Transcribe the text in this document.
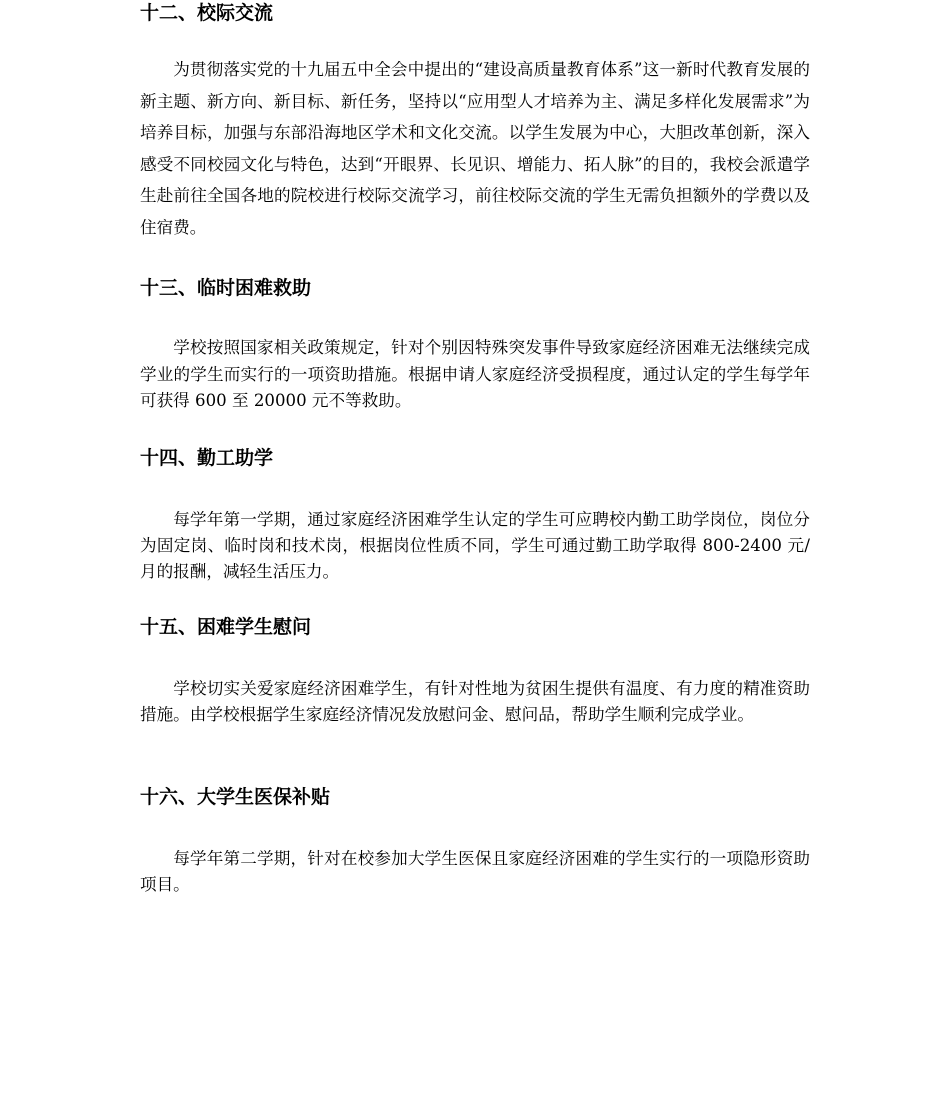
十二、校际交流

为贯彻落实党的十九届五中全会中提出的“建设高质量教育体系”这一新时代教育发展的新主题、新方向、新目标、新任务，坚持以“应用型人才培养为主、满足多样化发展需求”为培养目标，加强与东部沿海地区学术和文化交流。以学生发展为中心，大胆改革创新，深入感受不同校园文化与特色，达到“开眼界、长见识、增能力、拓人脉”的目的，我校会派遣学生赴前往全国各地的院校进行校际交流学习，前往校际交流的学生无需负担额外的学费以及住宿费。

十三、临时困难救助

学校按照国家相关政策规定，针对个别因特殊突发事件导致家庭经济困难无法继续完成学业的学生而实行的一项资助措施。根据申请人家庭经济受损程度，通过认定的学生每学年可获得 600 至 20000 元不等救助。

十四、勤工助学

每学年第一学期，通过家庭经济困难学生认定的学生可应聘校内勤工助学岗位，岗位分为固定岗、临时岗和技术岗，根据岗位性质不同，学生可通过勤工助学取得 800-2400 元/月的报酬，减轻生活压力。

十五、困难学生慰问

学校切实关爱家庭经济困难学生，有针对性地为贫困生提供有温度、有力度的精准资助措施。由学校根据学生家庭经济情况发放慰问金、慰问品，帮助学生顺利完成学业。

十六、大学生医保补贴

每学年第二学期，针对在校参加大学生医保且家庭经济困难的学生实行的一项隐形资助项目。
